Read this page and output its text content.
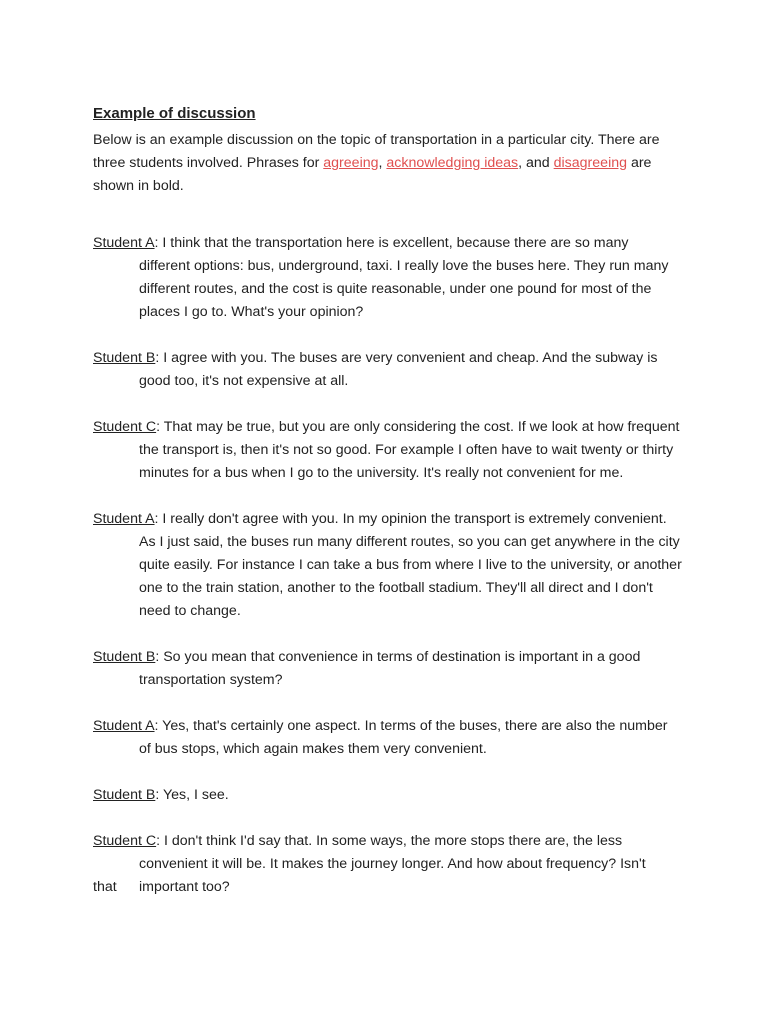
Example of discussion

Below is an example discussion on the topic of transportation in a particular city. There are three students involved. Phrases for agreeing, acknowledging ideas, and disagreeing are shown in bold.

Student A: I think that the transportation here is excellent, because there are so many different options: bus, underground, taxi. I really love the buses here. They run many different routes, and the cost is quite reasonable, under one pound for most of the places I go to. What's your opinion?

Student B: I agree with you. The buses are very convenient and cheap. And the subway is good too, it's not expensive at all.

Student C: That may be true, but you are only considering the cost. If we look at how frequent the transport is, then it's not so good. For example I often have to wait twenty or thirty minutes for a bus when I go to the university. It's really not convenient for me.

Student A: I really don't agree with you. In my opinion the transport is extremely convenient. As I just said, the buses run many different routes, so you can get anywhere in the city quite easily. For instance I can take a bus from where I live to the university, or another one to the train station, another to the football stadium. They'll all direct and I don't need to change.

Student B: So you mean that convenience in terms of destination is important in a good transportation system?

Student A: Yes, that's certainly one aspect. In terms of the buses, there are also the number of bus stops, which again makes them very convenient.

Student B: Yes, I see.

Student C: I don't think I'd say that. In some ways, the more stops there are, the less
convenient it will be. It makes the journey longer. And how about frequency? Isn't
that	important too?
